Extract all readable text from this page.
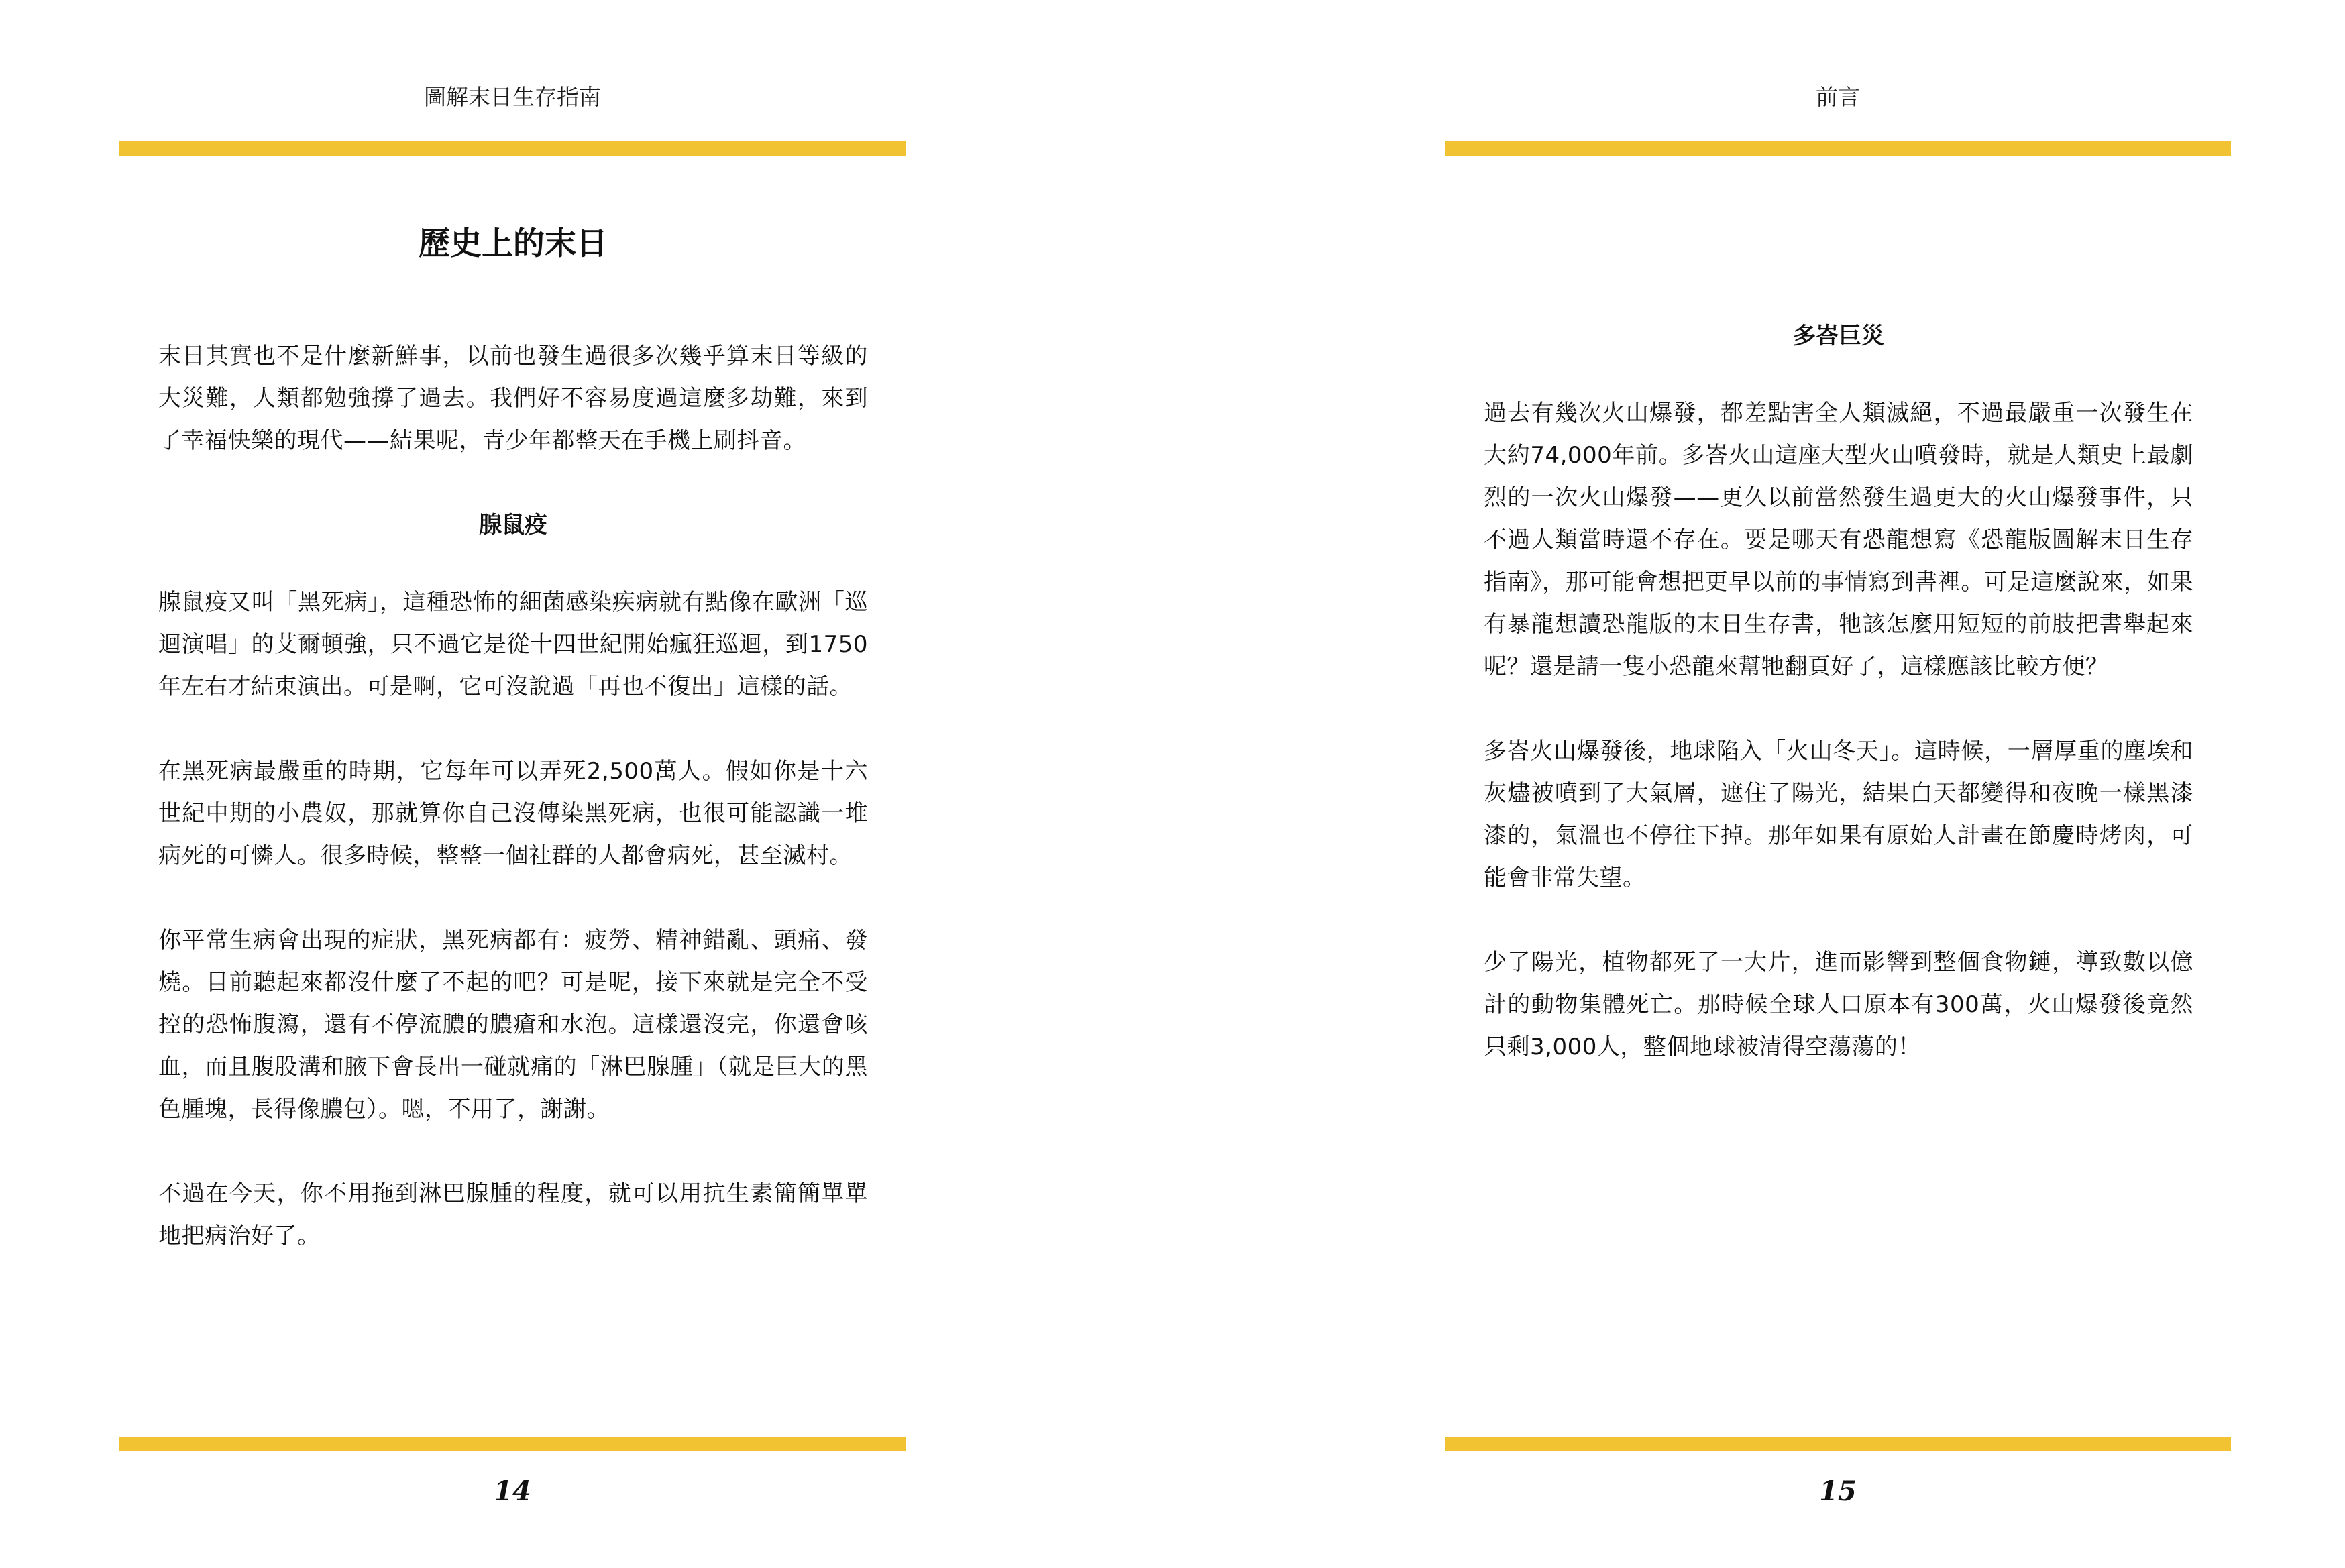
圖解末日生存指南
歷史上的末日

末日其實也不是什麼新鮮事，以前也發生過很多次幾乎算末日等級的大災難，人類都勉強撐了過去。我們好不容易度過這麼多劫難，來到了幸福快樂的現代——結果呢，青少年都整天在手機上刷抖音。

腺鼠疫

腺鼠疫又叫「黑死病」，這種恐怖的細菌感染疾病就有點像在歐洲「巡迴演唱」的艾爾頓強，只不過它是從十四世紀開始瘋狂巡迴，到1750年左右才結束演出。可是啊，它可沒說過「再也不復出」這樣的話。

在黑死病最嚴重的時期，它每年可以弄死2,500萬人。假如你是十六世紀中期的小農奴，那就算你自己沒傳染黑死病，也很可能認識一堆病死的可憐人。很多時候，整整一個社群的人都會病死，甚至滅村。

你平常生病會出現的症狀，黑死病都有：疲勞、精神錯亂、頭痛、發燒。目前聽起來都沒什麼了不起的吧？可是呢，接下來就是完全不受控的恐怖腹瀉，還有不停流膿的膿瘡和水泡。這樣還沒完，你還會咳血，而且腹股溝和腋下會長出一碰就痛的「淋巴腺腫」（就是巨大的黑色腫塊，長得像膿包）。嗯，不用了，謝謝。

不過在今天，你不用拖到淋巴腺腫的程度，就可以用抗生素簡簡單單地把病治好了。

14
前言
多峇巨災

過去有幾次火山爆發，都差點害全人類滅絕，不過最嚴重一次發生在大約74,000年前。多峇火山這座大型火山噴發時，就是人類史上最劇烈的一次火山爆發——更久以前當然發生過更大的火山爆發事件，只不過人類當時還不存在。要是哪天有恐龍想寫《恐龍版圖解末日生存指南》，那可能會想把更早以前的事情寫到書裡。可是這麼說來，如果有暴龍想讀恐龍版的末日生存書，牠該怎麼用短短的前肢把書舉起來呢？還是請一隻小恐龍來幫牠翻頁好了，這樣應該比較方便？

多峇火山爆發後，地球陷入「火山冬天」。這時候，一層厚重的塵埃和灰燼被噴到了大氣層，遮住了陽光，結果白天都變得和夜晚一樣黑漆漆的，氣溫也不停往下掉。那年如果有原始人計畫在節慶時烤肉，可能會非常失望。

少了陽光，植物都死了一大片，進而影響到整個食物鏈，導致數以億計的動物集體死亡。那時候全球人口原本有300萬，火山爆發後竟然只剩3,000人，整個地球被清得空蕩蕩的！

15
